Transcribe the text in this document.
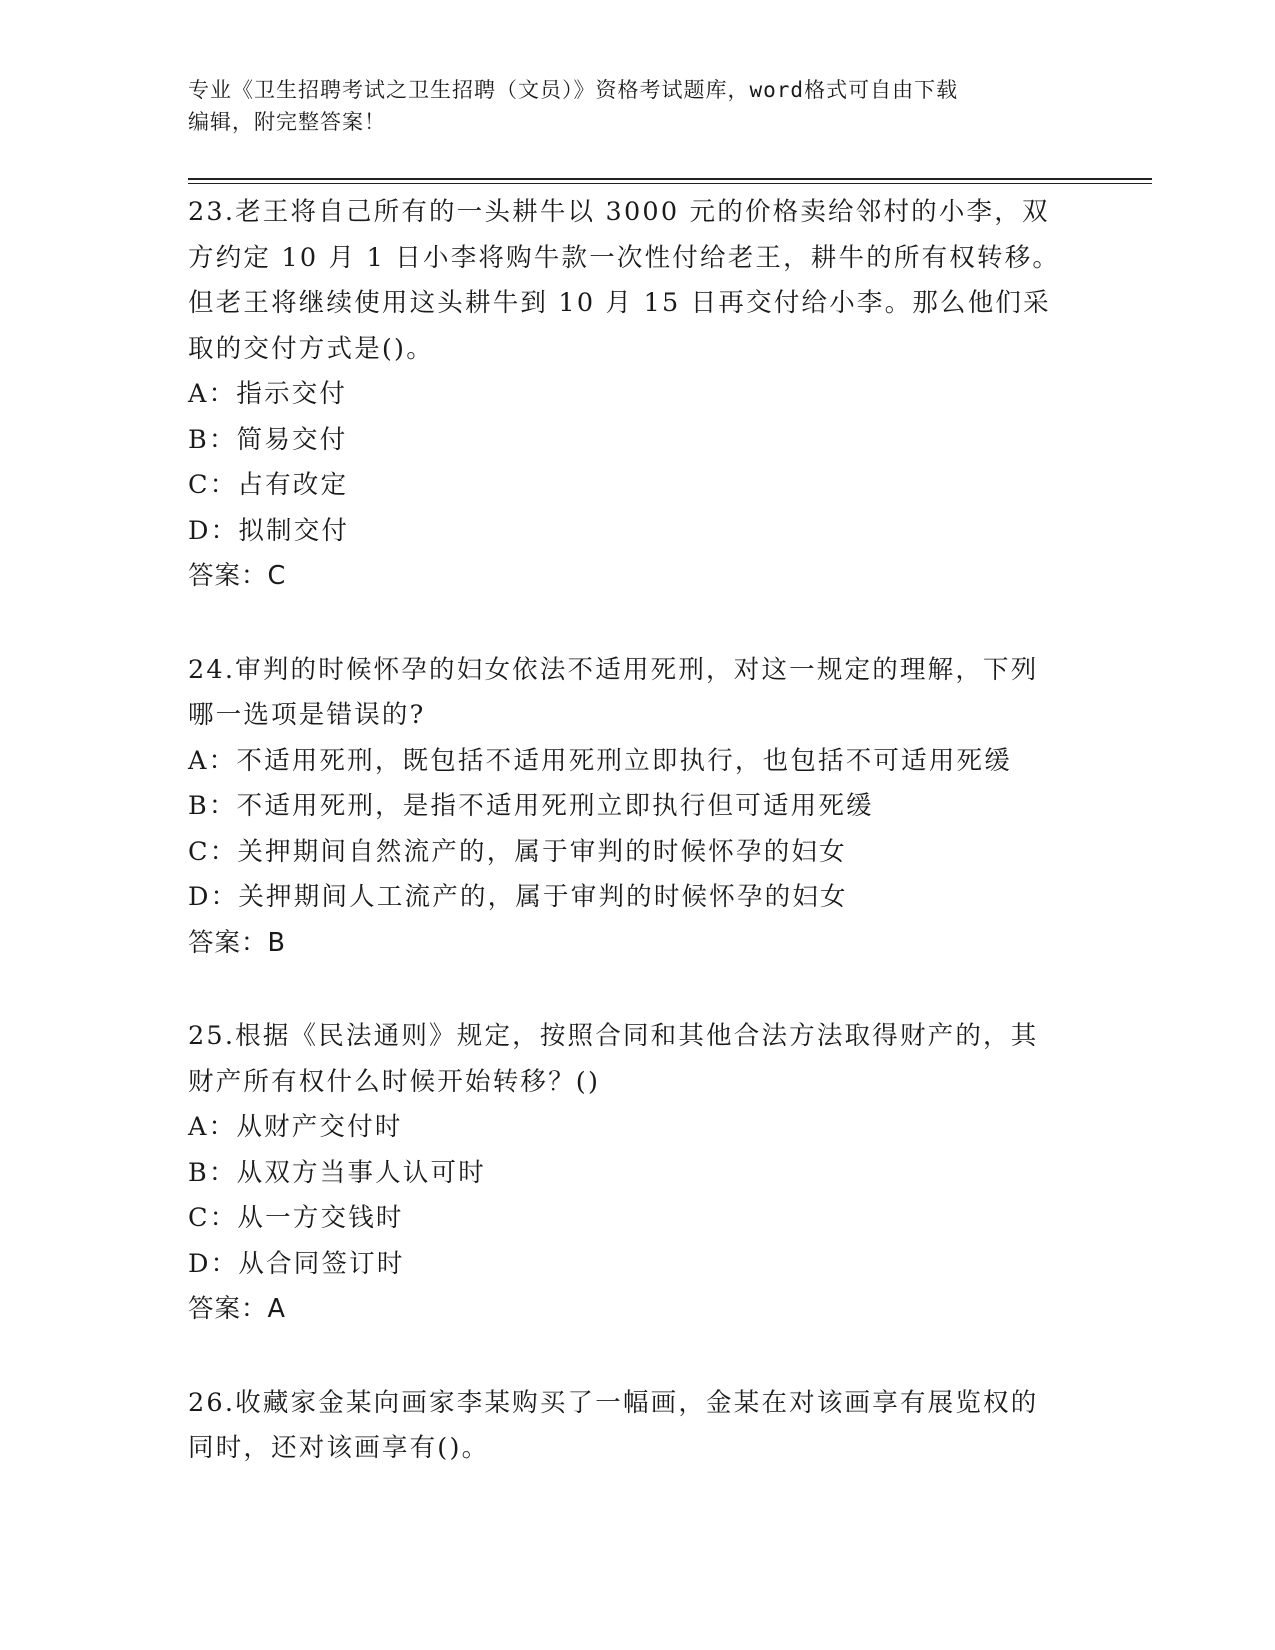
专业《卫生招聘考试之卫生招聘（文员）》资格考试题库，word格式可自由下载
编辑，附完整答案！
23.老王将自己所有的一头耕牛以 3000 元的价格卖给邻村的小李，双
方约定 10 月 1 日小李将购牛款一次性付给老王，耕牛的所有权转移。
但老王将继续使用这头耕牛到 10 月 15 日再交付给小李。那么他们采
取的交付方式是()。
A：指示交付
B：简易交付
C：占有改定
D：拟制交付
答案：C
24.审判的时候怀孕的妇女依法不适用死刑，对这一规定的理解，下列
哪一选项是错误的?
A：不适用死刑，既包括不适用死刑立即执行，也包括不可适用死缓
B：不适用死刑，是指不适用死刑立即执行但可适用死缓
C：关押期间自然流产的，属于审判的时候怀孕的妇女
D：关押期间人工流产的，属于审判的时候怀孕的妇女
答案：B
25.根据《民法通则》规定，按照合同和其他合法方法取得财产的，其
财产所有权什么时候开始转移？()
A：从财产交付时
B：从双方当事人认可时
C：从一方交钱时
D：从合同签订时
答案：A
26.收藏家金某向画家李某购买了一幅画，金某在对该画享有展览权的
同时，还对该画享有()。
